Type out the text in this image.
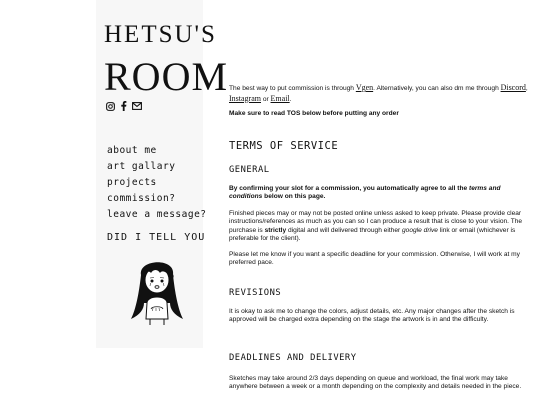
HETSU'S
ROOM
about me
art gallary
projects
commission?
leave a message?
DID I TELL YOU
The best way to put commission is through Vgen. Alternatively, you can also dm me through Discord, Instagram or Email.
Make sure to read TOS below before putting any order
TERMS OF SERVICE
GENERAL
By confirming your slot for a commission, you automatically agree to all the terms and conditions below on this page.
Finished pieces may or may not be posted online unless asked to keep private. Please provide clear instructions/references as much as you can so I can produce a result that is close to your vision. The purchase is strictly digital and will delivered through either google drive link or email (whichever is preferable for the client).
Please let me know if you want a specific deadline for your commission. Otherwise, I will work at my preferred pace.
REVISIONS
It is okay to ask me to change the colors, adjust details, etc. Any major changes after the sketch is approved will be charged extra depending on the stage the artwork is in and the difficulty.
DEADLINES AND DELIVERY
Sketches may take around 2/3 days depending on queue and workload, the final work may take anywhere between a week or a month depending on the complexity and details needed in the piece.
